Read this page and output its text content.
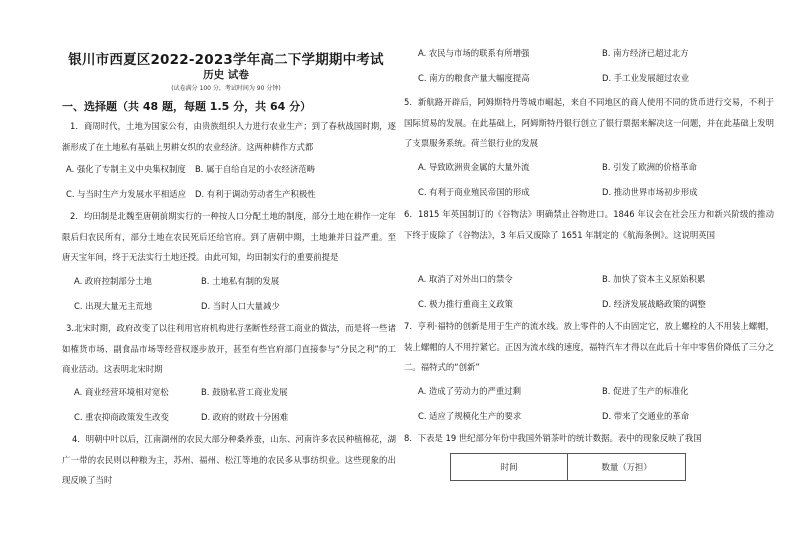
银川市西夏区2022-2023学年高二下学期期中考试
历史 试卷
(试卷满分 100 分，考试时间为 90 分钟)
一、选择题（共 48 题，每题 1.5 分，共 64 分）
1．商周时代，土地为国家公有，由贵族组织人力进行农业生产；到了春秋战国时期，逐渐形成了在土地私有基础上男耕女织的农业经济。这两种耕作方式都
A. 强化了专制主义中央集权制度 B. 属于自给自足的小农经济范畴
C. 与当时生产力发展水平相适应 D. 有利于调动劳动者生产积极性
2．均田制是北魏至唐朝前期实行的一种按人口分配土地的制度，部分土地在耕作一定年限后归农民所有，部分土地在农民死后还给官府。到了唐朝中期，土地兼并日益严重。至唐天宝年间，终于无法实行土地还授。由此可知，均田制实行的重要前提是
A. 政府控制部分土地	B. 土地私有制的发展
C. 出现大量无主荒地	D. 当时人口大量减少
3.北宋时期，政府改变了以往利用官府机构进行垄断性经营工商业的做法，而是将一些诸如榷货市场、副食品市场等经营权逐步放开，甚至有些官府部门直接参与“分民之利”的工商业活动。这表明北宋时期
A. 商业经营环境相对宽松	B. 鼓励私营工商业发展
C. 重农抑商政策发生改变	D. 政府的财政十分困难
4．明朝中叶以后，江南湖州的农民大部分种桑养蚕，山东、河南许多农民种植棉花，湖广一带的农民则以种粮为主，苏州、福州、松江等地的农民多从事纺织业。这些现象的出现反映了当时
A. 农民与市场的联系有所增强	B. 南方经济已超过北方
C. 南方的粮食产量大幅度提高	D. 手工业发展超过农业
5．新航路开辟后，阿姆斯特丹等城市崛起，来自不同地区的商人使用不同的货币进行交易，不利于国际贸易的发展。在此基础上，阿姆斯特丹银行创立了银行票据来解决这一问题，并在此基础上发明了支票服务系统。荷兰银行业的发展
A. 导致欧洲贵金属的大量外流	B. 引发了欧洲的价格革命
C. 有利于商业殖民帝国的形成	D. 推动世界市场初步形成
6．1815 年英国制订的《谷物法》明确禁止谷物进口。1846 年议会在社会压力和新兴阶级的推动下终于废除了《谷物法》，3 年后又废除了 1651 年制定的《航海条例》。这说明英国
A. 取消了对外出口的禁令	B. 加快了资本主义原始积累
C. 极力推行重商主义政策	D. 经济发展战略政策的调整
7．亨利·福特的创新是用于生产的流水线。放上零件的人不由固定它，放上螺栓的人不用装上螺帽，装上螺帽的人不用拧紧它。正因为流水线的速度，福特汽车才得以在此后十年中零售价降低了三分之二。福特式的“创新”
A. 造成了劳动力的严重过剩	B. 促进了生产的标准化
C. 适应了规模化生产的要求	D. 带来了交通业的革命
8．下表是 19 世纪部分年份中我国外销茶叶的统计数据。表中的现象反映了我国
时间	数量（万担）
